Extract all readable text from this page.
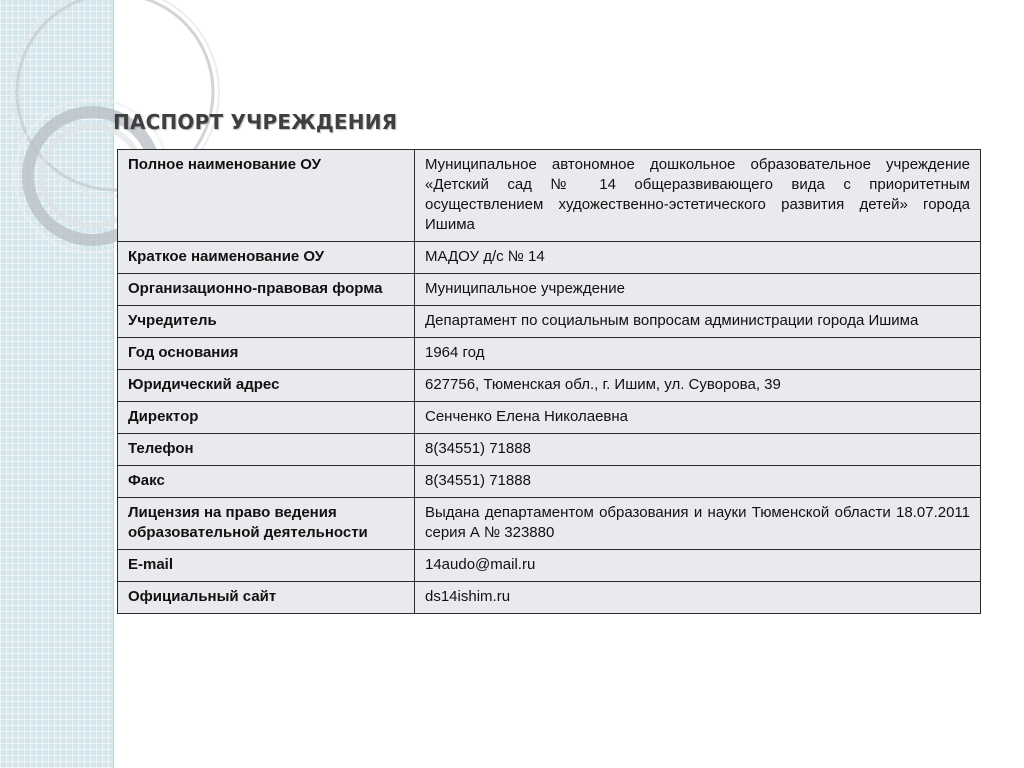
ПАСПОРТ УЧРЕЖДЕНИЯ
Полное наименование ОУ	Муниципальное автономное дошкольное образовательное учреждение «Детский сад № 14 общеразвивающего вида с приоритетным осуществлением художественно-эстетического развития детей» города Ишима
Краткое наименование ОУ	МАДОУ д/с № 14
Организационно-правовая форма	Муниципальное учреждение
Учредитель	Департамент по социальным вопросам администрации города Ишима
Год основания	1964 год
Юридический адрес	627756, Тюменская обл., г. Ишим, ул. Суворова, 39
Директор	Сенченко Елена Николаевна
Телефон	8(34551) 71888
Факс	8(34551) 71888
Лицензия на право ведения образовательной деятельности	Выдана департаментом образования и науки Тюменской области 18.07.2011 серия А № 323880
E-mail	14audo@mail.ru
Официальный сайт	ds14ishim.ru
